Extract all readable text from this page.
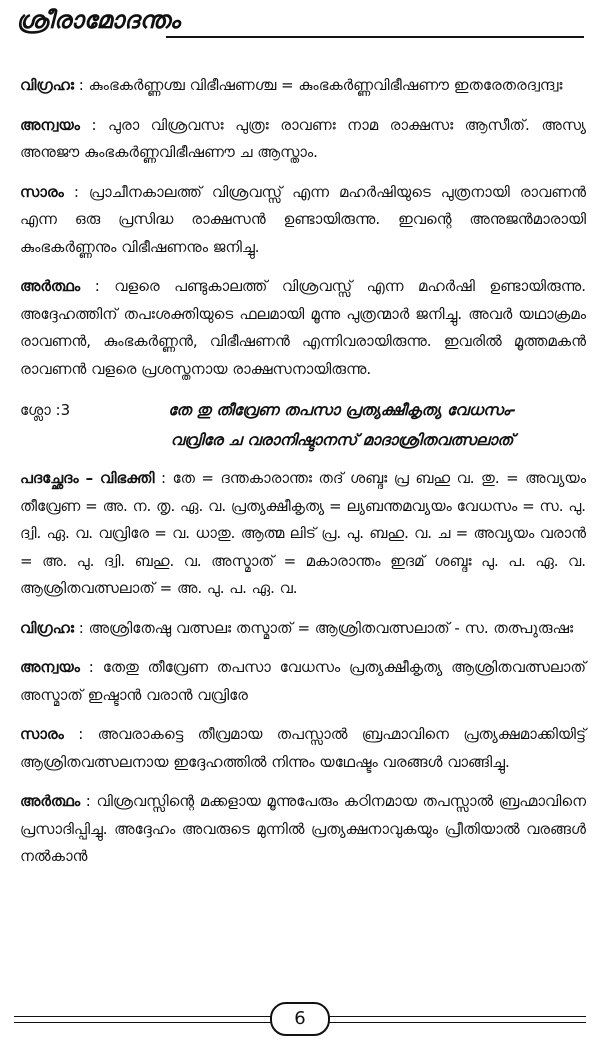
ശ്രീരാമോദന്തം

വിഗ്രഹഃ : കുംഭകർണ്ണശ്ച വിഭീഷണശ്ച = കുംഭകർണ്ണവിഭീഷണൗ ഇതരേതരദ്വന്ദ്വഃ

അന്വയം : പുരാ വിശ്രവസഃ പുത്രഃ രാവണഃ നാമ രാക്ഷസഃ ആസീത്. അസ്യ അനുജൗ കുംഭകർണ്ണവിഭീഷണൗ ച ആസ്താം.

സാരം : പ്രാചീനകാലത്ത് വിശ്രവസ്സ് എന്ന മഹർഷിയുടെ പുത്രനായി രാവണൻ എന്ന ഒരു പ്രസിദ്ധ രാക്ഷസൻ ഉണ്ടായിരുന്നു. ഇവന്റെ അനുജൻമാരായി കുംഭകർണ്ണനും വിഭീഷണനും ജനിച്ചു.

അർത്ഥം : വളരെ പണ്ടുകാലത്ത് വിശ്രവസ്സ് എന്ന മഹർഷി ഉണ്ടായിരുന്നു. അദ്ദേഹത്തിന് തപഃശക്തിയുടെ ഫലമായി മൂന്നു പുത്രന്മാർ ജനിച്ചു. അവർ യഥാക്രമം രാവണൻ, കുംഭകർണ്ണൻ, വിഭീഷണൻ എന്നിവരായിരുന്നു. ഇവരിൽ മൂത്തമകൻ രാവണൻ വളരെ പ്രശസ്തനായ രാക്ഷസനായിരുന്നു.

ശ്ലോ :3	തേ തു തീവ്രേണ തപസാ പ്രത്യക്ഷീകൃത്യ വേധസം-
വവ്രിരേ ച വരാനിഷ്ടാനസ് മാദാശ്രിതവത്സലാത്

പദച്ഛേദം – വിഭക്തി : തേ = ദന്തകാരാന്തഃ തദ് ശബ്ദഃ പ്ര ബഹു വ. തു. = അവ്യയം തീവ്രേണ = അ. ന. തൃ. ഏ. വ. പ്രത്യക്ഷീകൃത്യ = ല്യബന്തമവ്യയം വേധസം = സ. പു. ദ്വി. ഏ. വ. വവ്രിരേ = വ. ധാതു. ആത്മ ലിട് പ്ര. പു. ബഹു. വ. ച = അവ്യയം വരാൻ = അ. പു. ദ്വി. ബഹു. വ. അസ്മാത് = മകാരാന്തം ഇദമ് ശബ്ദഃ പു. പ. ഏ. വ. ആശ്രിതവത്സലാത് = അ. പു. പ. ഏ. വ.

വിഗ്രഹഃ : അശ്രിതേഷു വത്സലഃ തസ്മാത് = ആശ്രിതവത്സലാത് - സ. തത്പുരുഷഃ

അന്വയം : തേതു തീവ്രേണ തപസാ വേധസം പ്രത്യക്ഷീകൃത്യ ആശ്രിതവത്സലാത് അസ്മാത് ഇഷ്ടാൻ വരാൻ വവ്രിരേ

സാരം : അവരാകട്ടെ തീവ്രമായ തപസ്സാൽ ബ്രഹ്മാവിനെ പ്രത്യക്ഷമാക്കിയിട്ട് ആശ്രിതവത്സലനായ ഇദ്ദേഹത്തിൽ നിന്നും യഥേഷ്ടം വരങ്ങൾ വാങ്ങിച്ചു.

അർത്ഥം : വിശ്രവസ്സിന്റെ മക്കളായ മൂന്നുപേരും കഠിനമായ തപസ്സാൽ ബ്രഹ്മാവിനെ പ്രസാദിപ്പിച്ചു. അദ്ദേഹം അവരുടെ മുന്നിൽ പ്രത്യക്ഷനാവുകയും പ്രീതിയാൽ വരങ്ങൾ നൽകാൻ

6
